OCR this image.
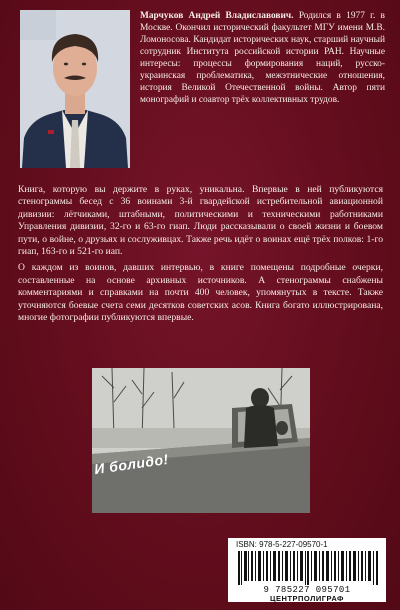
Марчуков Андрей Владиславович. Родился в 1977 г. в Москве. Окончил исторический факультет МГУ имени М.В. Ломоносова. Кандидат исторических наук, старший научный сотрудник Института российской истории РАН. Научные интересы: процессы формирования наций, русско-украинская проблематика, межэтнические отношения, история Великой Отечественной войны. Автор пяти монографий и соавтор трёх коллективных трудов.

Книга, которую вы держите в руках, уникальна. Впервые в ней публикуются стенограммы бесед с 36 воинами 3-й гвардейской истребительной авиационной дивизии: лётчиками, штабными, политическими и техническими работниками Управления дивизии, 32-го и 63-го гиап. Люди рассказывали о своей жизни и боевом пути, о войне, о друзьях и сослуживцах. Также речь идёт о воинах ещё трёх полков: 1-го гиап, 163-го и 521-го иап.

О каждом из воинов, давших интервью, в книге помещены подробные очерки, составленные на основе архивных источников. А стенограммы снабжены комментариями и справками на почти 400 человек, упомянутых в тексте. Также уточняются боевые счета семи десятков советских асов. Книга богато иллюстрирована, многие фотографии публикуются впервые.

И болидо!
ISBN: 978-5-227-09570-1
9 785227 095701
ЦЕНТРПОЛИГРАФ
